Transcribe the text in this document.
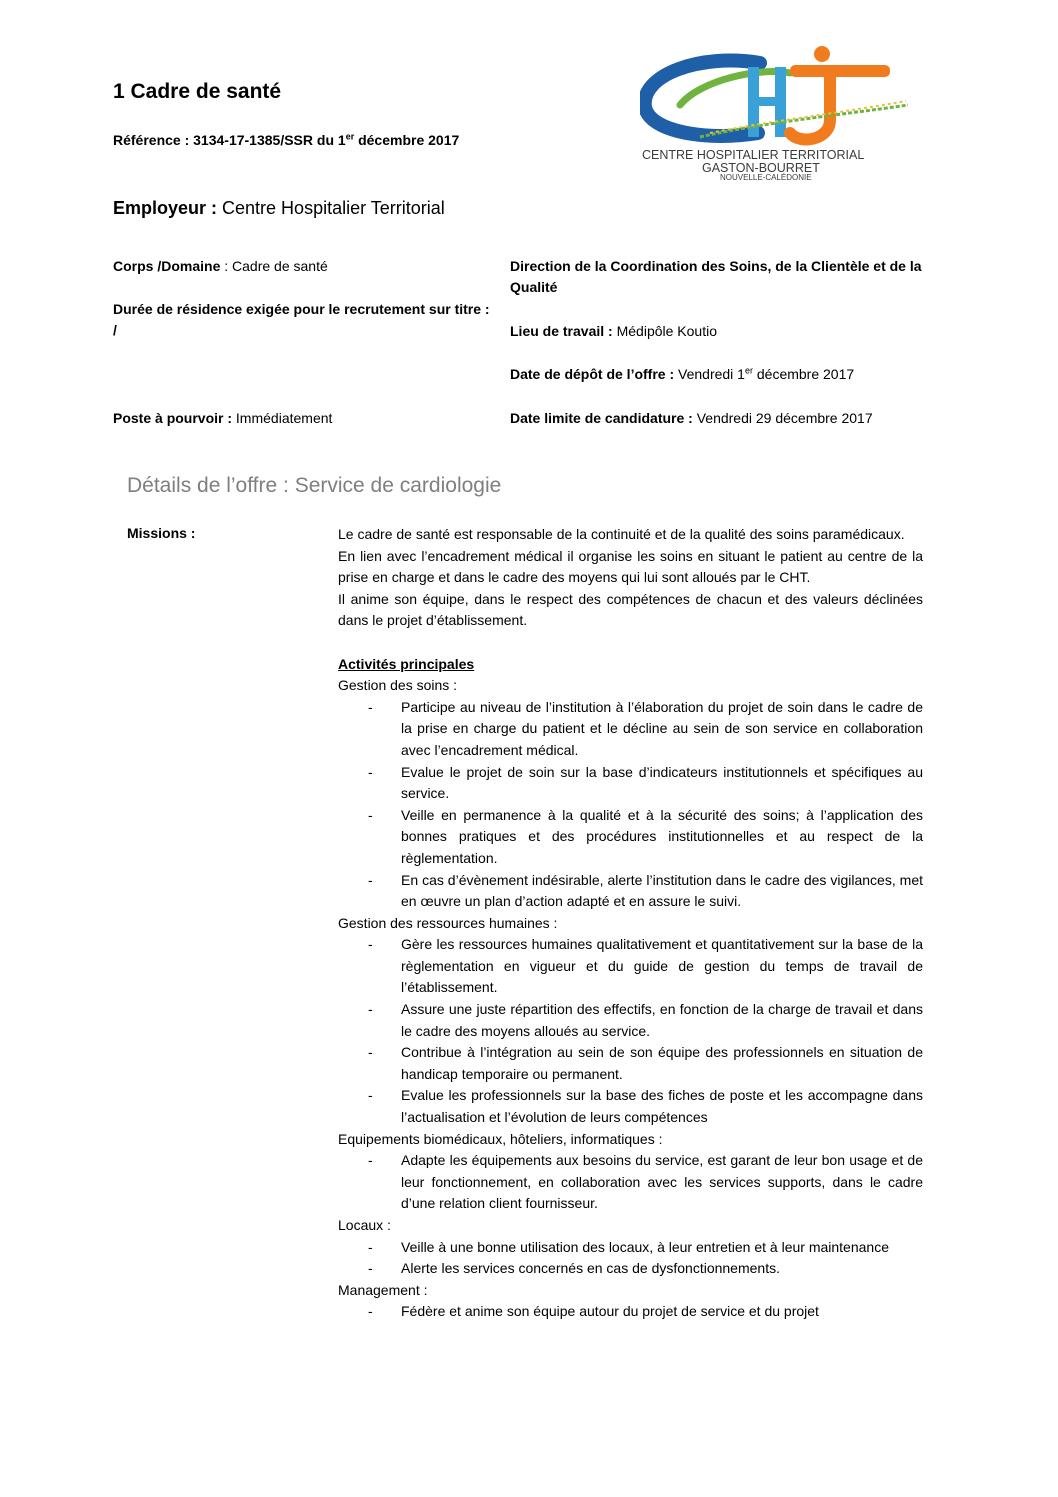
1 Cadre de santé
Référence : 3134-17-1385/SSR du 1er décembre 2017
Employeur : Centre Hospitalier Territorial
CENTRE HOSPITALIER TERRITORIAL
GASTON-BOURRET
NOUVELLE-CALÉDONIE
Corps /Domaine : Cadre de santé
Durée de résidence exigée pour le recrutement sur titre : /
Poste à pourvoir : Immédiatement
Direction de la Coordination des Soins, de la Clientèle et de la Qualité
Lieu de travail : Médipôle Koutio
Date de dépôt de l’offre : Vendredi 1er décembre 2017
Date limite de candidature : Vendredi 29 décembre 2017
Détails de l’offre : Service de cardiologie
Missions :	Le cadre de santé est responsable de la continuité et de la qualité des soins paramédicaux.

En lien avec l’encadrement médical il organise les soins en situant le patient au centre de la prise en charge et dans le cadre des moyens qui lui sont alloués par le CHT.

Il anime son équipe, dans le respect des compétences de chacun et des valeurs déclinées dans le projet d’établissement.

Activités principales

Gestion des soins :

- Participe au niveau de l’institution à l’élaboration du projet de soin dans le cadre de la prise en charge du patient et le décline au sein de son service en collaboration avec l’encadrement médical.

- Evalue le projet de soin sur la base d’indicateurs institutionnels et spécifiques au service.

- Veille en permanence à la qualité et à la sécurité des soins; à l’application des bonnes pratiques et des procédures institutionnelles et au respect de la règlementation.

- En cas d’évènement indésirable, alerte l’institution dans le cadre des vigilances, met en œuvre un plan d’action adapté et en assure le suivi.

Gestion des ressources humaines :

- Gère les ressources humaines qualitativement et quantitativement sur la base de la règlementation en vigueur et du guide de gestion du temps de travail de l’établissement.

- Assure une juste répartition des effectifs, en fonction de la charge de travail et dans le cadre des moyens alloués au service.

- Contribue à l’intégration au sein de son équipe des professionnels en situation de handicap temporaire ou permanent.

- Evalue les professionnels sur la base des fiches de poste et les accompagne dans l’actualisation et l’évolution de leurs compétences

Equipements biomédicaux, hôteliers, informatiques :

- Adapte les équipements aux besoins du service, est garant de leur bon usage et de leur fonctionnement, en collaboration avec les services supports, dans le cadre d’une relation client fournisseur.

Locaux :

- Veille à une bonne utilisation des locaux, à leur entretien et à leur maintenance

- Alerte les services concernés en cas de dysfonctionnements.

Management :

- Fédère et anime son équipe autour du projet de service et du projet
